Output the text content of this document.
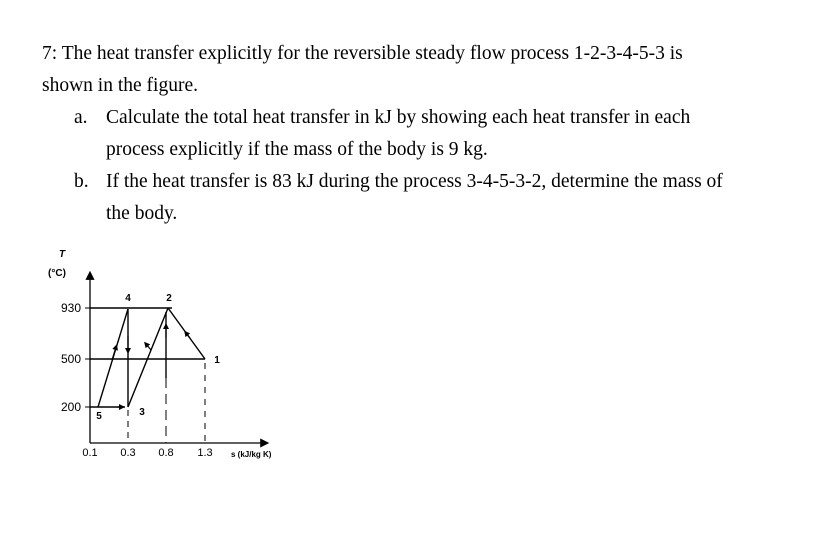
7: The heat transfer explicitly for the reversible steady flow process 1-2-3-4-5-3 is
shown in the figure.
a. Calculate the total heat transfer in kJ by showing each heat transfer in each
process explicitly if the mass of the body is 9 kg.
b. If the heat transfer is 83 kJ during the process 3-4-5-3-2, determine the mass of
the body.
T
(°C)
930
500
200
4	2
1
5	3
0.1 0.3 0.8 1.3 s (kJ/kg K)
